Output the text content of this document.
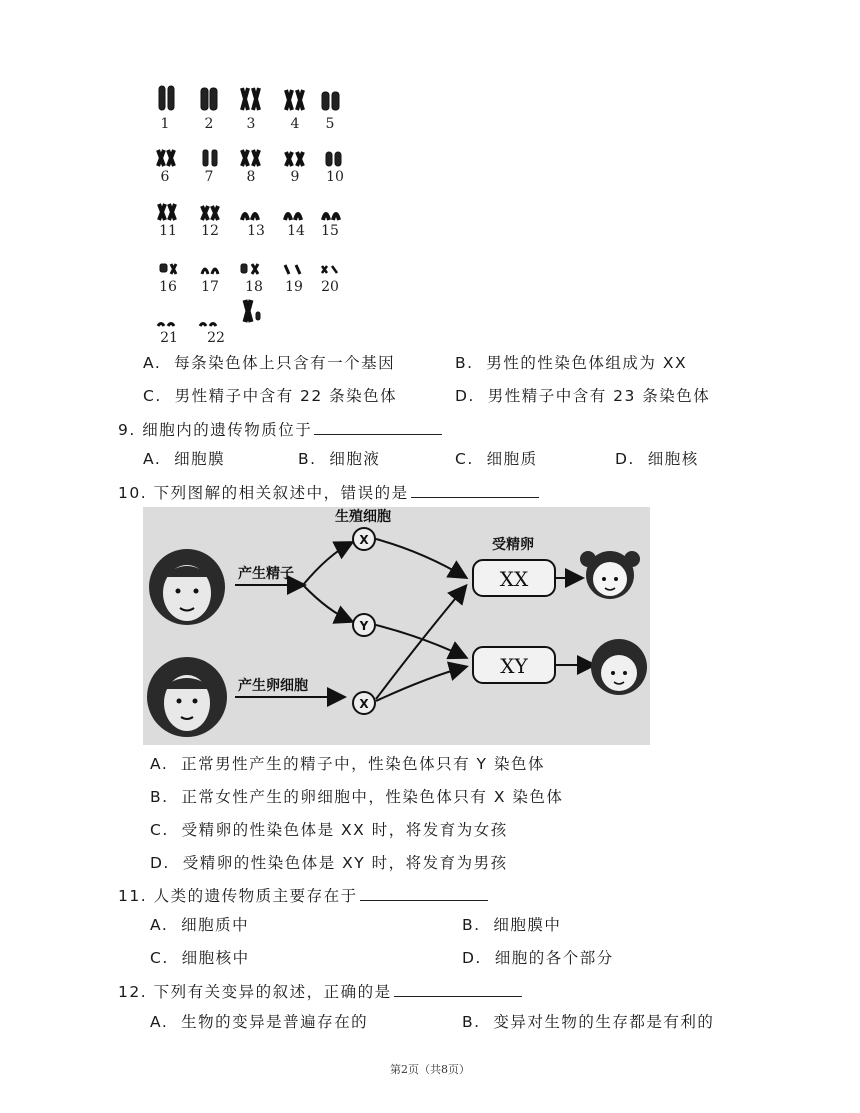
1	2 3	4 5
6	7 8	9 10
11 12 13 14 15
16 17 18 19 20
21 22
A. 每条染色体上只含有一个基因	B. 男性的性染色体组成为 XX
C. 男性精子中含有 22 条染色体	D. 男性精子中含有 23 条染色体
9. 细胞内的遗传物质位于
A. 细胞膜	B. 细胞液	C. 细胞质	D. 细胞核
10. 下列图解的相关叙述中，错误的是
生殖细胞
产生精子
产生卵细胞
受精卵
X
Y
X
XX
XY
A. 正常男性产生的精子中，性染色体只有 Y 染色体
B. 正常女性产生的卵细胞中，性染色体只有 X 染色体
C. 受精卵的性染色体是 XX 时，将发育为女孩
D. 受精卵的性染色体是 XY 时，将发育为男孩
11. 人类的遗传物质主要存在于
A. 细胞质中	B. 细胞膜中
C. 细胞核中	D. 细胞的各个部分
12. 下列有关变异的叙述，正确的是
A. 生物的变异是普遍存在的	B. 变异对生物的生存都是有利的
第2页（共8页）
